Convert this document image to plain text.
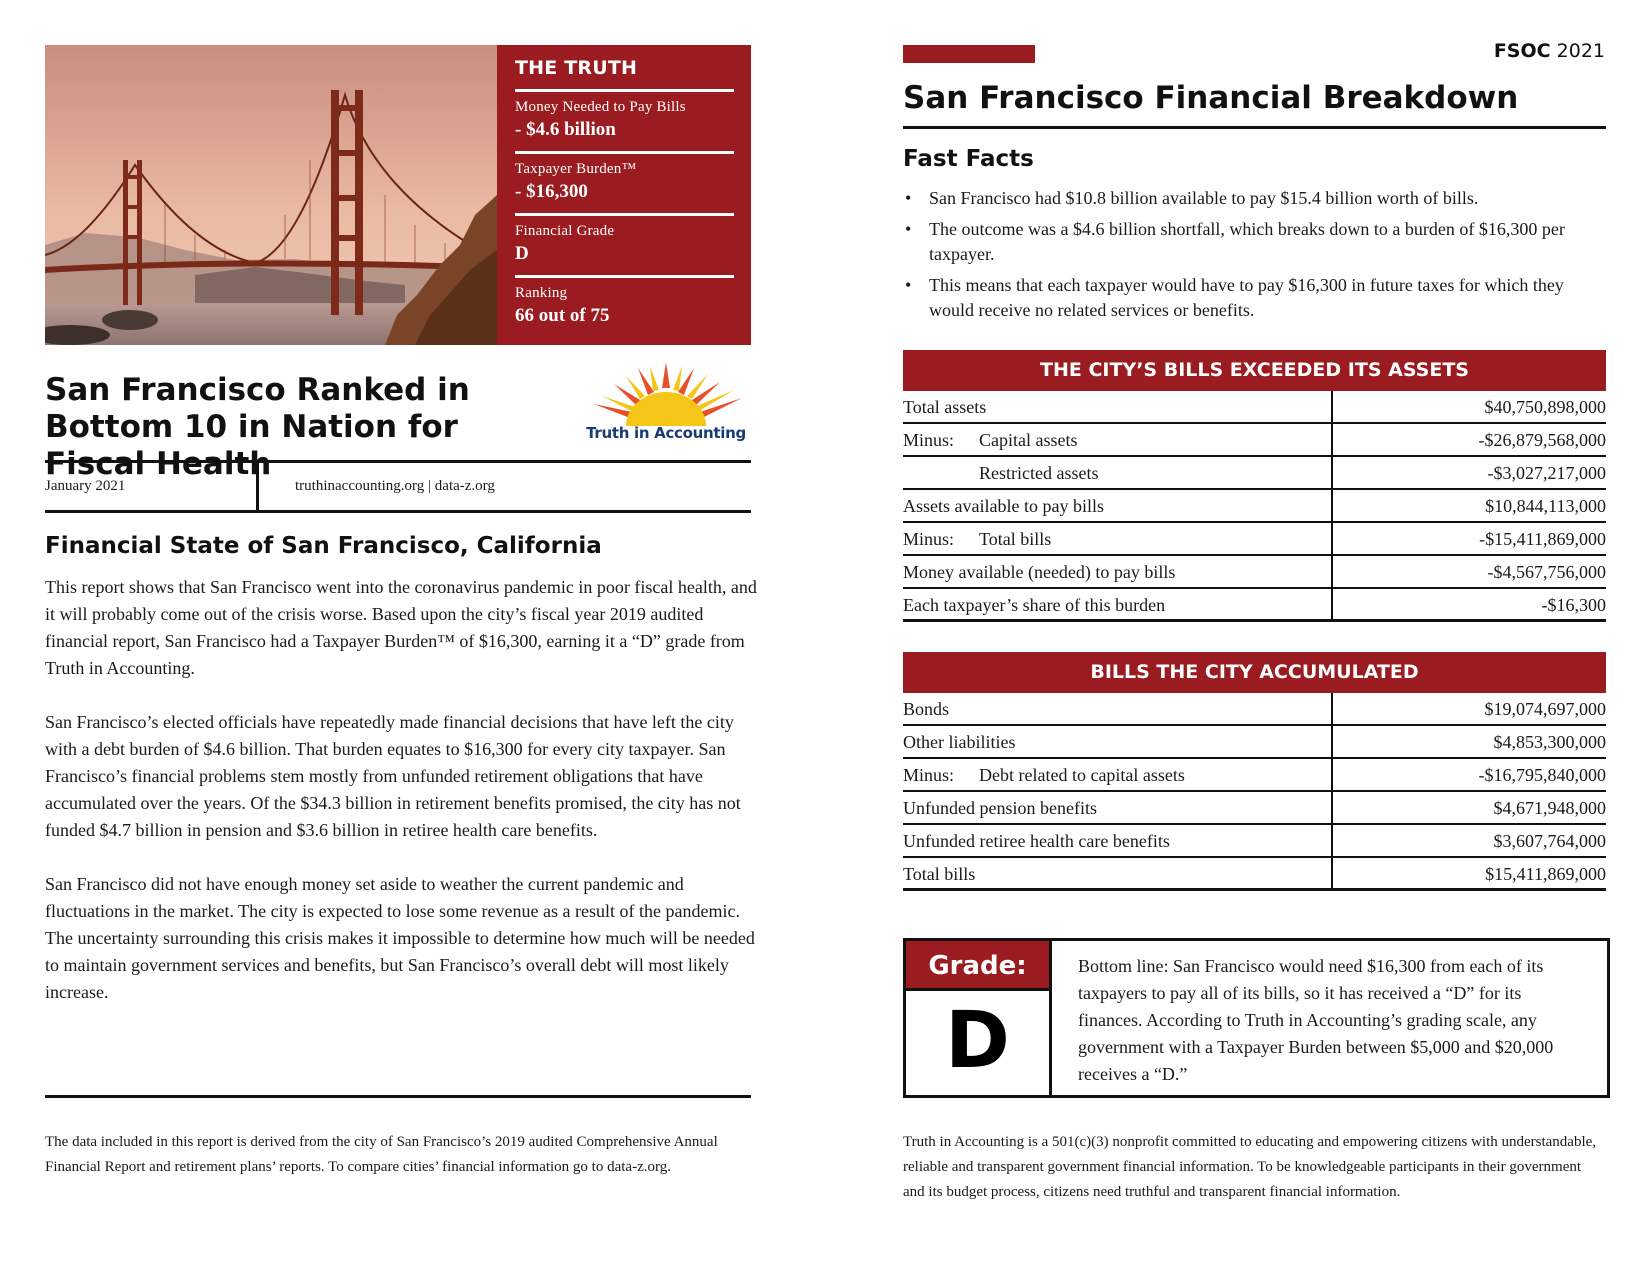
THE TRUTH
Money Needed to Pay Bills
- $4.6 billion
Taxpayer Burden™
- $16,300
Financial Grade
D
Ranking
66 out of 75
San Francisco Ranked in Bottom 10 in Nation for Fiscal Health
Truth in Accounting
January 2021	truthinaccounting.org | data-z.org
Financial State of San Francisco, California

This report shows that San Francisco went into the coronavirus pandemic in poor fiscal health, and it will probably come out of the crisis worse. Based upon the city’s fiscal year 2019 audited financial report, San Francisco had a Taxpayer Burden™ of $16,300, earning it a “D” grade from Truth in Accounting.

San Francisco’s elected officials have repeatedly made financial decisions that have left the city with a debt burden of $4.6 billion. That burden equates to $16,300 for every city taxpayer. San Francisco’s financial problems stem mostly from unfunded retirement obligations that have accumulated over the years. Of the $34.3 billion in retirement benefits promised, the city has not funded $4.7 billion in pension and $3.6 billion in retiree health care benefits.

San Francisco did not have enough money set aside to weather the current pandemic and fluctuations in the market. The city is expected to lose some revenue as a result of the pandemic. The uncertainty surrounding this crisis makes it impossible to determine how much will be needed to maintain government services and benefits, but San Francisco’s overall debt will most likely increase.

The data included in this report is derived from the city of San Francisco’s 2019 audited Comprehensive Annual Financial Report and retirement plans’ reports. To compare cities’ financial information go to data-z.org.

FSOC 2021
San Francisco Financial Breakdown
Fast Facts
• San Francisco had $10.8 billion available to pay $15.4 billion worth of bills.
• The outcome was a $4.6 billion shortfall, which breaks down to a burden of $16,300 per taxpayer.
• This means that each taxpayer would have to pay $16,300 in future taxes for which they would receive no related services or benefits.
THE CITY’S BILLS EXCEEDED ITS ASSETS
Total assets	$40,750,898,000
Minus: Capital assets	-$26,879,568,000
Restricted assets	-$3,027,217,000
Assets available to pay bills	$10,844,113,000
Minus: Total bills	-$15,411,869,000
Money available (needed) to pay bills	-$4,567,756,000
Each taxpayer’s share of this burden	-$16,300
BILLS THE CITY ACCUMULATED
Bonds	$19,074,697,000
Other liabilities	$4,853,300,000
Minus: Debt related to capital assets	-$16,795,840,000
Unfunded pension benefits	$4,671,948,000
Unfunded retiree health care benefits	$3,607,764,000
Total bills	$15,411,869,000
Grade:
D

Bottom line: San Francisco would need $16,300 from each of its taxpayers to pay all of its bills, so it has received a “D” for its finances. According to Truth in Accounting’s grading scale, any government with a Taxpayer Burden between $5,000 and $20,000 receives a “D.”

Truth in Accounting is a 501(c)(3) nonprofit committed to educating and empowering citizens with understandable, reliable and transparent government financial information. To be knowledgeable participants in their government and its budget process, citizens need truthful and transparent financial information.
